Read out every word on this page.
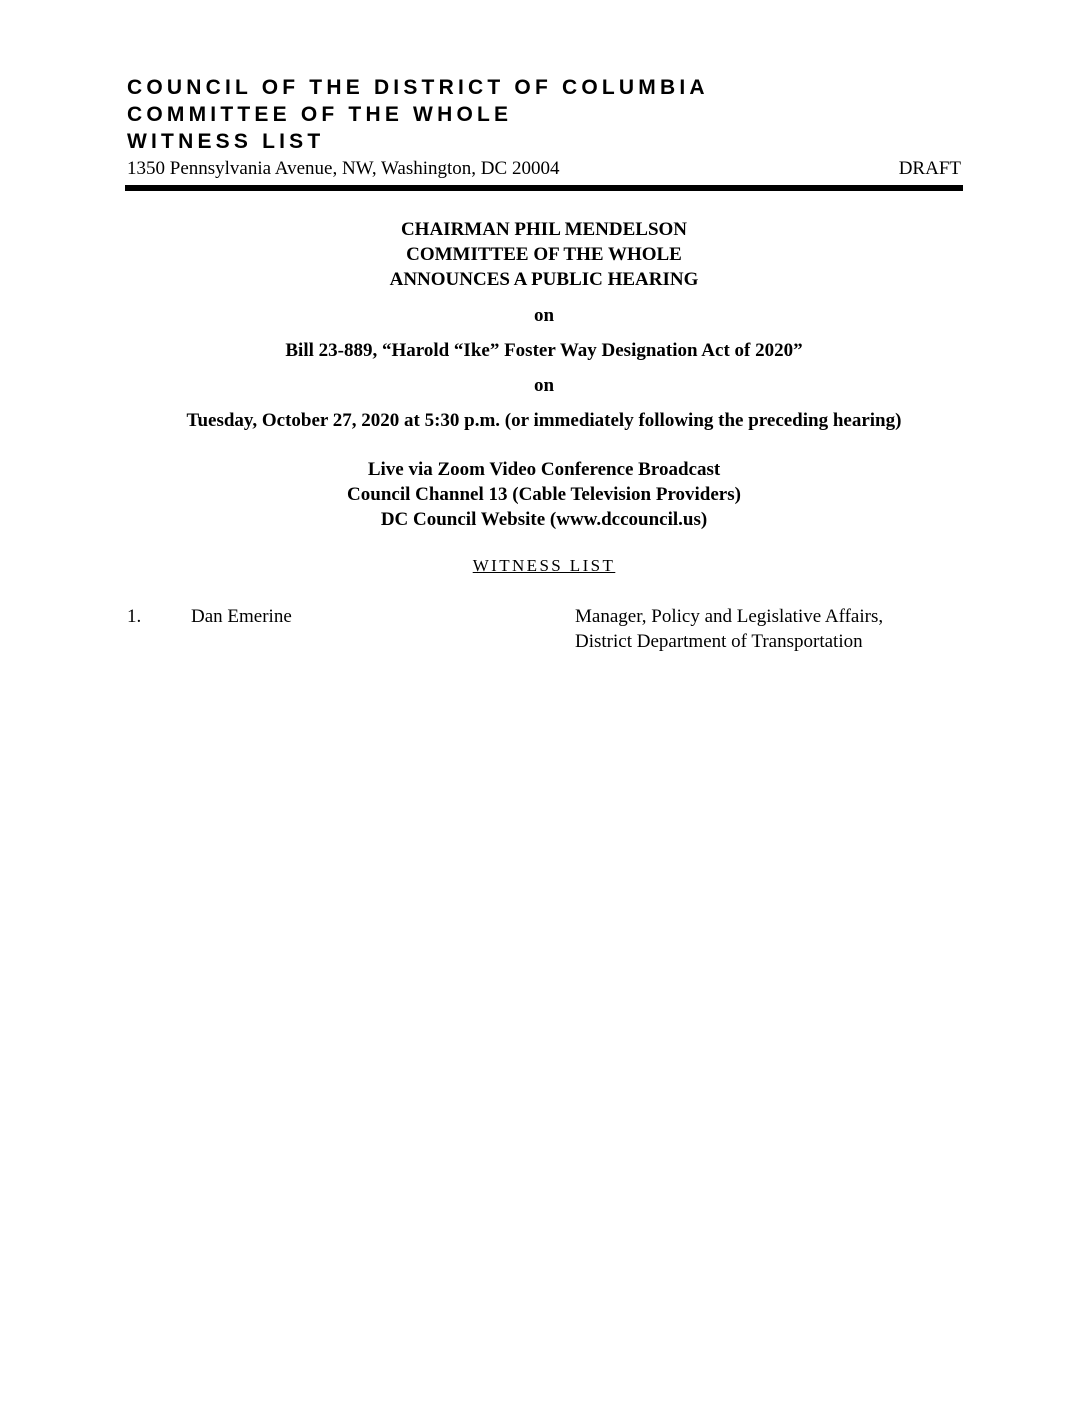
COUNCIL OF THE DISTRICT OF COLUMBIA
COMMITTEE OF THE WHOLE
WITNESS LIST
1350 Pennsylvania Avenue, NW, Washington, DC 20004	DRAFT
CHAIRMAN PHIL MENDELSON
COMMITTEE OF THE WHOLE
ANNOUNCES A PUBLIC HEARING
on
Bill 23-889, “Harold “Ike” Foster Way Designation Act of 2020”
on
Tuesday, October 27, 2020 at 5:30 p.m. (or immediately following the preceding hearing)
Live via Zoom Video Conference Broadcast
Council Channel 13 (Cable Television Providers)
DC Council Website (www.dccouncil.us)
WITNESS LIST
1.	Dan Emerine	Manager, Policy and Legislative Affairs,
District Department of Transportation
